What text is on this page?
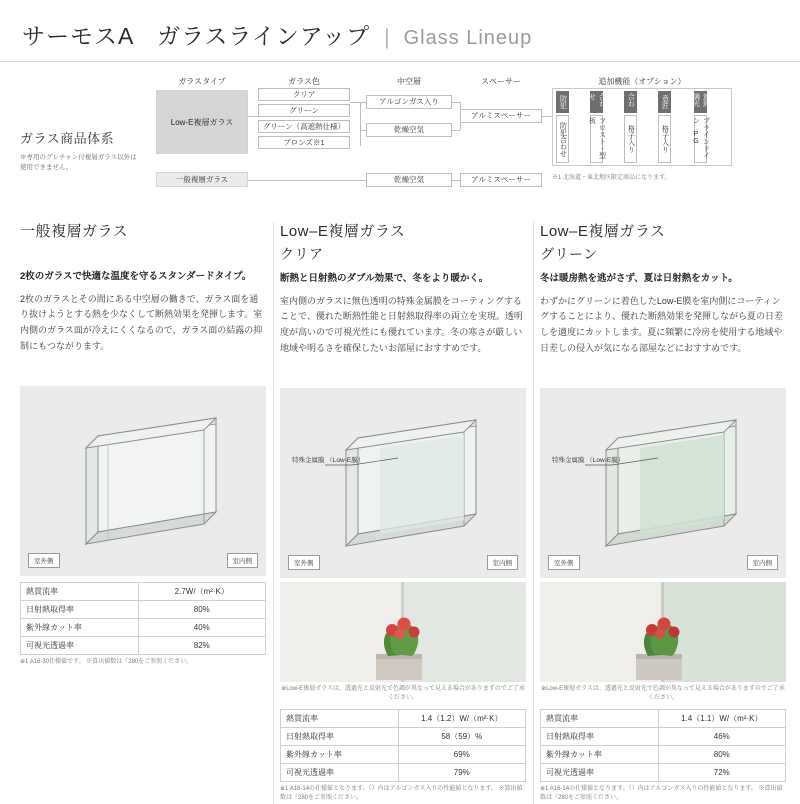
サーモスA　ガラスラインアップ | Glass Lineup
ガラス商品体系
※専用のグレチャン付複層ガラス以外は使用できません。
ガラスタイプ	ガラス色	中空層	スペーサー	追加機能（オプション）
Low-E複層ガラス
一般複層ガラス
クリア
グリーン
グリーン（高遮熱仕様）
ブロンズ※1
アルゴンガス入り
乾燥空気
乾燥空気
アルミスペーサー
アルミスペーサー
防犯
防犯合わせ
合わせ
フロスト・型板
防犯 合わせ
格子入り
意匠
格子入り
遮熱 調光
ブラインドイン PG
※1 北海道・東北地区限定商品になります。
一般複層ガラス
2枚のガラスで快適な温度を守るスタンダードタイプ。
2枚のガラスとその間にある中空層の働きで、ガラス面を通り抜けようとする熱を少なくして断熱効果を発揮します。室内側のガラス面が冷えにくくなるので、ガラス面の結露の抑制にもつながります。
室外側	室内側
熱貫流率	2.7W/（m²·K）
日射熱取得率	80%
紫外線カット率	40%
可視光透過率	82%
※1 A16-30仕様値です。 ※算出値数は『280をご参照ください。
Low–E複層ガラス
クリア
断熱と日射熱のダブル効果で、冬をより暖かく。
室内側のガラスに無色透明の特殊金属膜をコーティングすることで、優れた断熱性能と日射熱取得率の両立を実現。透明度が高いので可視光性にも優れています。冬の寒さが厳しい地域や明るさを確保したいお部屋におすすめです。
特殊金属膜 （Low-E膜）
室外側	室内側
※Low-E複層ガラスは、透過光と反射光で色調が異なって見える場合がありますのでご了承ください。
熱貫流率	1.4（1.2）W/（m²·K）
日射熱取得率	58（59）%
紫外線カット率	69%
可視光透過率	79%
※1 A16-14の仕様値となります。（）内はアルゴンガス入りの性能値となります。 ※算出値数は『280をご参照ください。
Low–E複層ガラス
グリーン
冬は暖房熱を逃がさず、夏は日射熱をカット。
わずかにグリーンに着色したLow-E膜を室内側にコーティングすることにより、優れた断熱効果を発揮しながら夏の日差しを適度にカットします。夏に頻繁に冷房を使用する地域や日差しの侵入が気になる部屋などにおすすめです。
特殊金属膜 （Low-E膜）
室外側	室内側
※Low-E複層ガラスは、透過光と反射光で色調が異なって見える場合がありますのでご了承ください。
熱貫流率	1.4（1.1）W/（m²·K）
日射熱取得率	46%
紫外線カット率	80%
可視光透過率	72%
※1 A16-14の仕様値となります。（）内はアルゴンガス入りの性能値となります。 ※算出値数は『280をご参照ください。
